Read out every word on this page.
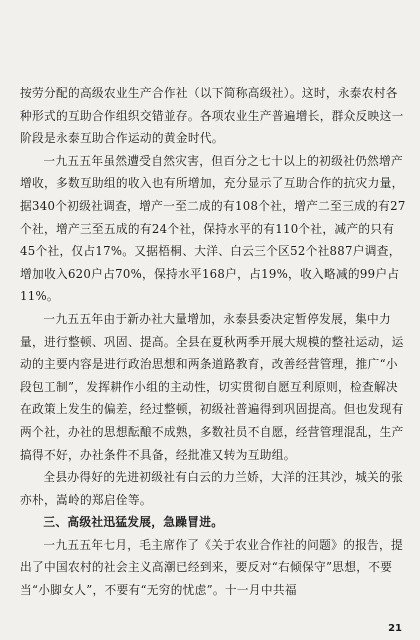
按劳分配的高级农业生产合作社（以下简称高级社）。这时，永泰农村各种形式的互助合作组织交错並存。各项农业生产普遍增长，群众反映这一阶段是永泰互助合作运动的黄金时代。

一九五五年虽然遭受自然灾害，但百分之七十以上的初级社仍然增产增收，多数互助组的收入也有所增加，充分显示了互助合作的抗灾力量，据340个初级社调查，增产一至二成的有108个社，增产二至三成的有27个社，增产三至五成的有24个社，保持水平的有110个社，减产的只有45个社，仅占17%。又据梧桐、大洋、白云三个区52个社887户调查，增加收入620户占70%，保持水平168户，占19%，收入略减的99户占11%。

一九五五年由于新办社大量增加，永泰县委决定暂停发展，集中力量，进行整顿、巩固、提高。全县在夏秋两季开展大规模的整社运动，运动的主要内容是进行政治思想和两条道路教育，改善经营管理，推广“小段包工制”，发挥耕作小组的主动性，切实贯彻自愿互利原则，检查解决在政策上发生的偏差，经过整顿，初级社普遍得到巩固提高。但也发现有两个社，办社的思想酝酿不成熟，多数社员不自愿，经营管理混乱，生产搞得不好，办社条件不具备，经批准又转为互助组。

全县办得好的先进初级社有白云的力兰娇，大洋的汪其沙，城关的张亦朴，嵩岭的郑启佺等。

三、高级社迅猛发展，急躁冒进。

一九五五年七月，毛主席作了《关于农业合作社的问题》的报告，提出了中国农村的社会主义高潮已经到来，要反对“右倾保守”思想，不要当“小脚女人”，不要有“无穷的忧虑”。十一月中共福

21
